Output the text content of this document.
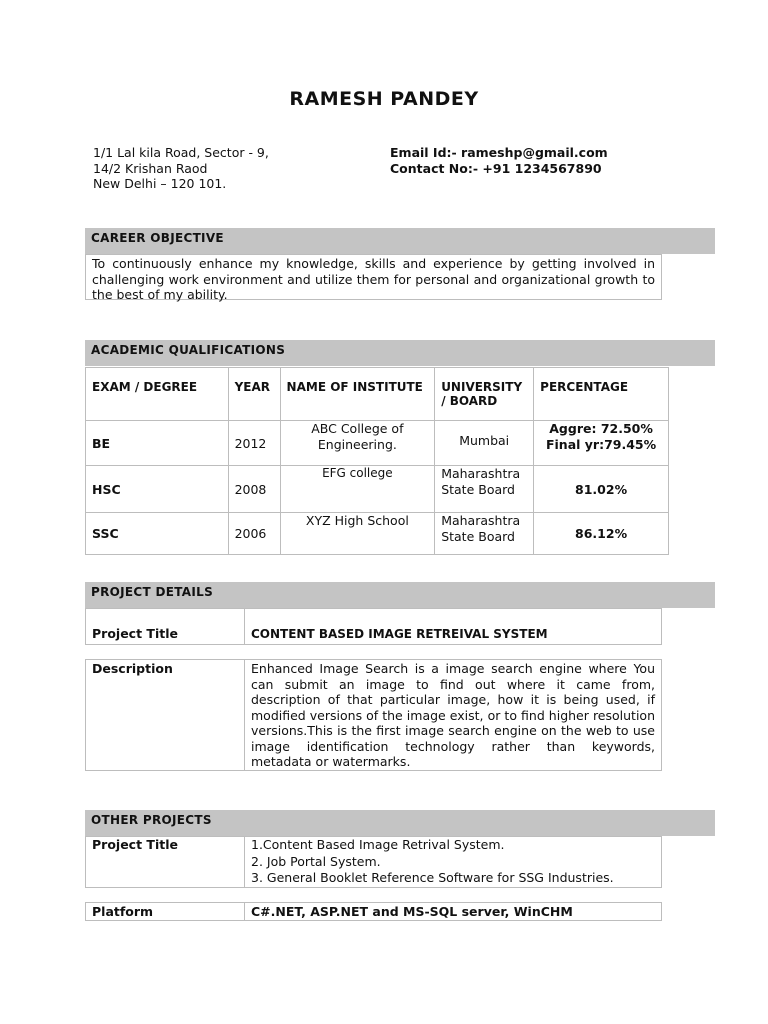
RAMESH PANDEY
1/1 Lal kila Road, Sector - 9,
14/2 Krishan Raod
New Delhi – 120 101.
Email Id:- rameshp@gmail.com
Contact No:- +91 1234567890
CAREER OBJECTIVE
To continuously enhance my knowledge, skills and experience by getting involved in challenging work environment and utilize them for personal and organizational growth to the best of my ability.
ACADEMIC QUALIFICATIONS
EXAM / DEGREE	YEAR	NAME OF INSTITUTE	UNIVERSITY / BOARD	PERCENTAGE
BE	2012	ABC College of Engineering.	Mumbai	Aggre: 72.50%
Final yr:79.45%

HSC	2008	EFG college	Maharashtra State Board	81.02%
SSC	2006	XYZ High School	Maharashtra State Board	86.12%
PROJECT DETAILS
Project Title	CONTENT BASED IMAGE RETREIVAL SYSTEM
Description	Enhanced Image Search is a image search engine where You can submit an image to find out where it came from, description of that particular image, how it is being used, if modified versions of the image exist, or to find higher resolution versions.This is the first image search engine on the web to use image identification technology rather than keywords, metadata or watermarks.
OTHER PROJECTS
Project Title	1.Content Based Image Retrival System.
2. Job Portal System.
3. General Booklet Reference Software for SSG Industries.
Platform	C#.NET, ASP.NET and MS-SQL server, WinCHM
